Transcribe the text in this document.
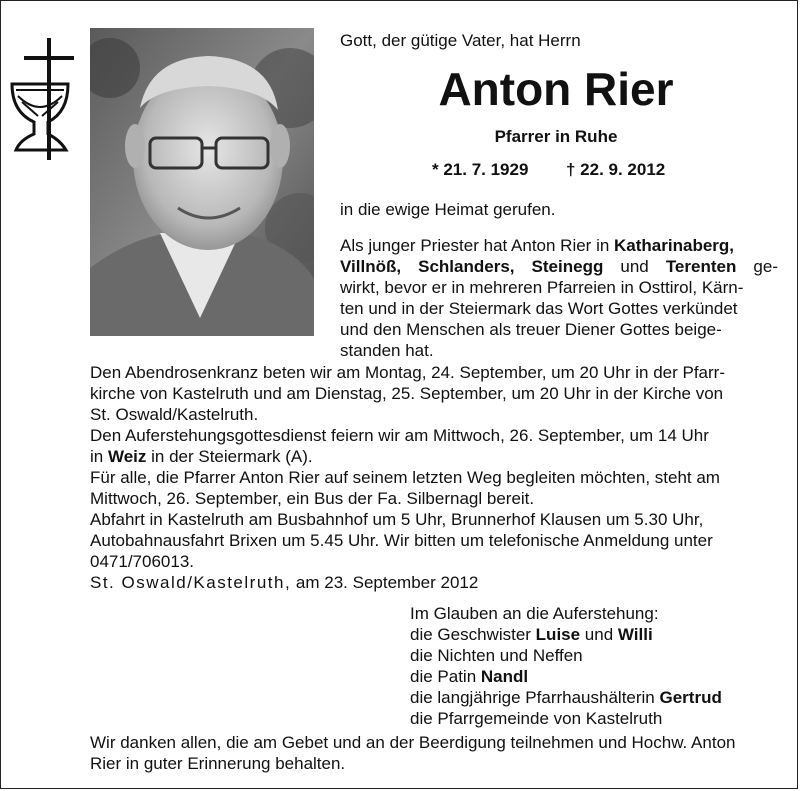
Gott, der gütige Vater, hat Herrn
Anton Rier
Pfarrer in Ruhe
* 21. 7. 1929 † 22. 9. 2012
in die ewige Heimat gerufen.
Als junger Priester hat Anton Rier in Katharinaberg,
Villnöß, Schlanders, Steinegg und Terenten ge-
wirkt, bevor er in mehreren Pfarreien in Osttirol, Kärn-
ten und in der Steiermark das Wort Gottes verkündet
und den Menschen als treuer Diener Gottes beige-
standen hat.
Den Abendrosenkranz beten wir am Montag, 24. September, um 20 Uhr in der Pfarr-
kirche von Kastelruth und am Dienstag, 25. September, um 20 Uhr in der Kirche von
St. Oswald/Kastelruth.
Den Auferstehungsgottesdienst feiern wir am Mittwoch, 26. September, um 14 Uhr
in Weiz in der Steiermark (A).
Für alle, die Pfarrer Anton Rier auf seinem letzten Weg begleiten möchten, steht am
Mittwoch, 26. September, ein Bus der Fa. Silbernagl bereit.
Abfahrt in Kastelruth am Busbahnhof um 5 Uhr, Brunnerhof Klausen um 5.30 Uhr,
Autobahnausfahrt Brixen um 5.45 Uhr. Wir bitten um telefonische Anmeldung unter
0471/706013.
St. Oswald/Kastelruth, am 23. September 2012
Im Glauben an die Auferstehung:
die Geschwister Luise und Willi
die Nichten und Neffen
die Patin Nandl
die langjährige Pfarrhaushälterin Gertrud
die Pfarrgemeinde von Kastelruth
Wir danken allen, die am Gebet und an der Beerdigung teilnehmen und Hochw. Anton
Rier in guter Erinnerung behalten.
